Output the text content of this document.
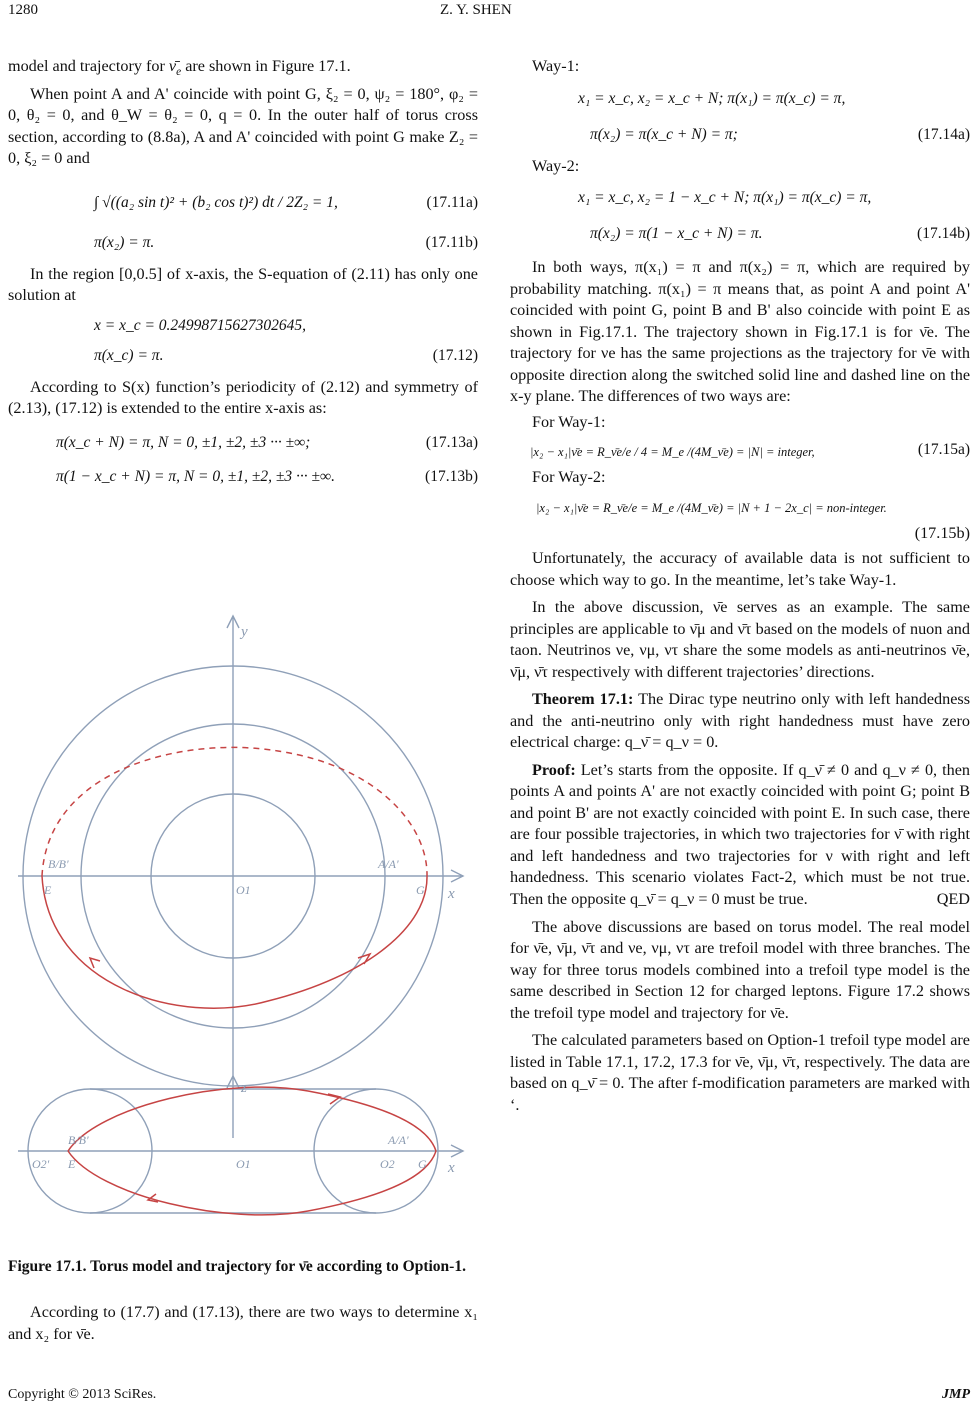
1280	Z. Y. SHEN

model and trajectory for $\nū_e$ are shown in Figure 17.1.

When point A and A' coincide with point G, ξ₂ = 0, ψ₂ = 180°, φ₂ = 0, θ₂ = 0, and θ_W = θ₂ = 0, q = 0. In the outer half of torus cross section, according to (8.8a), A and A' coincided with point G make Z₂ = 0, ξ₂ = 0 and

∫ √((a₂ sin t)² + (b₂ cos t)²) dt / 2Z₂ = 1,	(17.11a)
π(x₂) = π.	(17.11b)

In the region [0,0.5] of x-axis, the S-equation of (2.11) has only one solution at

x = x_c = 0.24998715627302645,
π(x_c) = π.	(17.12)

According to S(x) function’s periodicity of (2.12) and symmetry of (2.13), (17.12) is extended to the entire x-axis as:

π(x_c + N) = π, N = 0, ±1, ±2, ±3 ··· ±∞;	(17.13a)
π(1 − x_c + N) = π, N = 0, ±1, ±2, ±3 ··· ±∞.	(17.13b)
y
x
B/B'
E
A/A'
G
O1
z
x
B/B'
E
A/A'
G
O2'	O1	O2
Figure 17.1. Torus model and trajectory for ν̄e according to Option-1.

According to (17.7) and (17.13), there are two ways to determine x₁ and x₂ for ν̄e.

Way-1:

x₁ = x_c, x₂ = x_c + N; π(x₁) = π(x_c) = π,
π(x₂) = π(x_c + N) = π;	(17.14a)

Way-2:

x₁ = x_c, x₂ = 1 − x_c + N; π(x₁) = π(x_c) = π,
π(x₂) = π(1 − x_c + N) = π.	(17.14b)

In both ways, π(x₁) = π and π(x₂) = π, which are required by probability matching. π(x₁) = π means that, as point A and point A' coincided with point G, point B and B' also coincide with point E as shown in Fig.17.1. The trajectory shown in Fig.17.1 is for ν̄e. The trajectory for νe has the same projections as the trajectory for ν̄e with opposite direction along the switched solid line and dashed line on the x-y plane. The differences of two ways are:

For Way-1:

|x₂ − x₁|ν̄e = R_ν̄e/e / 4 = M_e /(4M_ν̄e) = |N| = integer,	(17.15a)

For Way-2:

|x₂ − x₁|ν̄e = R_ν̄e/e = M_e /(4M_ν̄e) = |N + 1 − 2x_c| = non-integer.
(17.15b)

Unfortunately, the accuracy of available data is not sufficient to choose which way to go. In the meantime, let’s take Way-1.

In the above discussion, ν̄e serves as an example. The same principles are applicable to ν̄μ and ν̄τ based on the models of nuon and taon. Neutrinos νe, νμ, ντ share the some models as anti-neutrinos ν̄e, ν̄μ, ν̄τ respectively with different trajectories’ directions.

Theorem 17.1: The Dirac type neutrino only with left handedness and the anti-neutrino only with right handedness must have zero electrical charge: q_ν̄ = q_ν = 0.

Proof: Let’s starts from the opposite. If q_ν̄ ≠ 0 and q_ν ≠ 0, then points A and points A' are not exactly coincided with point G; point B and point B' are not exactly coincided with point E. In such case, there are four possible trajectories, in which two trajectories for ν̄ with right and left handedness and two trajectories for ν with right and left handedness. This scenario violates Fact-2, which must be not true. Then the opposite q_ν̄ = q_ν = 0 must be true.	QED

The above discussions are based on torus model. The real model for ν̄e, ν̄μ, ν̄τ and νe, νμ, ντ are trefoil model with three branches. The way for three torus models combined into a trefoil type model is the same described in Section 12 for charged leptons. Figure 17.2 shows the trefoil type model and trajectory for ν̄e.

The calculated parameters based on Option-1 trefoil type model are listed in Table 17.1, 17.2, 17.3 for ν̄e, ν̄μ, ν̄τ, respectively. The data are based on q_ν̄ = 0. The after f-modification parameters are marked with ‘.

Copyright © 2013 SciRes.	JMP
